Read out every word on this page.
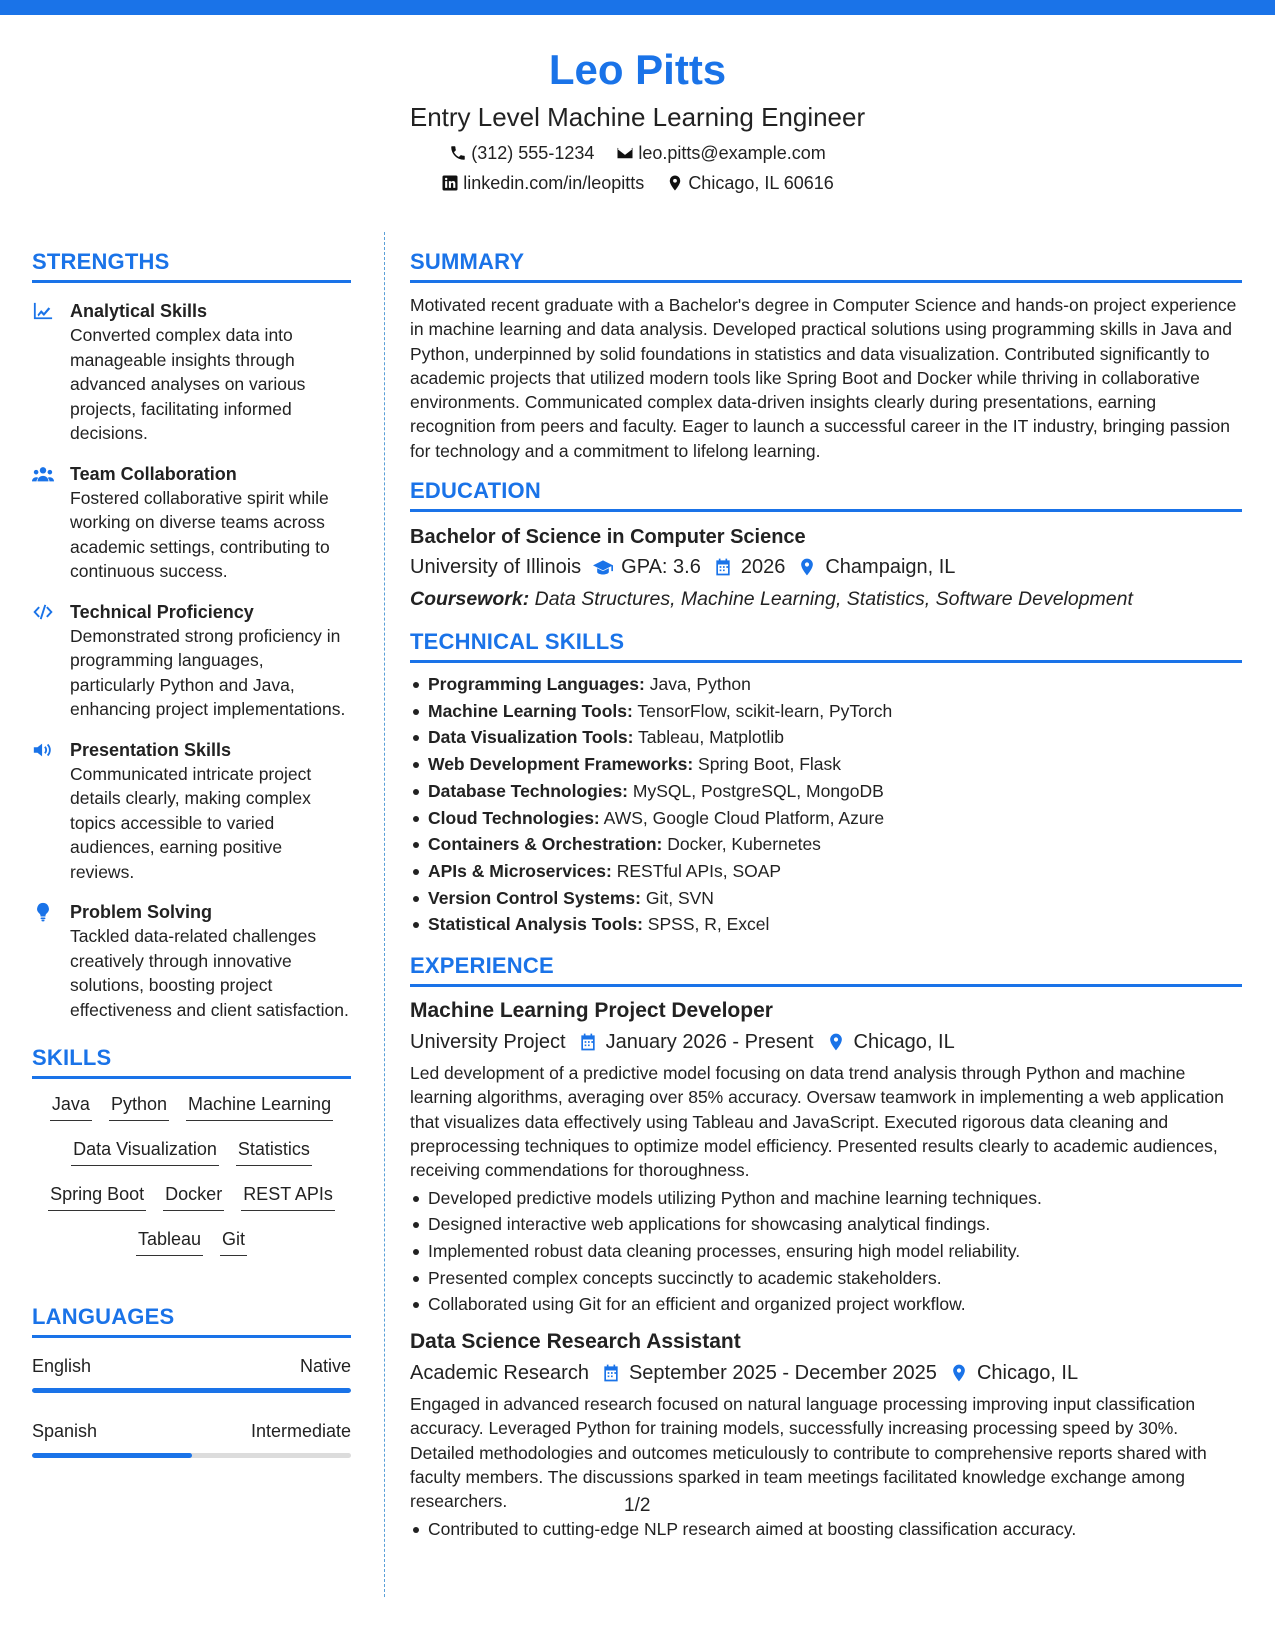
Leo Pitts
Entry Level Machine Learning Engineer
(312) 555-1234 leo.pitts@example.com
linkedin.com/in/leopitts Chicago, IL 60616
STRENGTHS
Analytical Skills
Converted complex data into manageable insights through advanced analyses on various projects, facilitating informed decisions.
Team Collaboration
Fostered collaborative spirit while working on diverse teams across academic settings, contributing to continuous success.
Technical Proficiency
Demonstrated strong proficiency in programming languages, particularly Python and Java, enhancing project implementations.
Presentation Skills
Communicated intricate project details clearly, making complex topics accessible to varied audiences, earning positive reviews.
Problem Solving
Tackled data-related challenges creatively through innovative solutions, boosting project effectiveness and client satisfaction.
SKILLS
Java Python Machine Learning
Data Visualization Statistics
Spring Boot Docker REST APIs
Tableau Git
LANGUAGES
English	Native
Spanish	Intermediate
SUMMARY
Motivated recent graduate with a Bachelor's degree in Computer Science and hands-on project experience in machine learning and data analysis. Developed practical solutions using programming skills in Java and Python, underpinned by solid foundations in statistics and data visualization. Contributed significantly to academic projects that utilized modern tools like Spring Boot and Docker while thriving in collaborative environments. Communicated complex data-driven insights clearly during presentations, earning recognition from peers and faculty. Eager to launch a successful career in the IT industry, bringing passion for technology and a commitment to lifelong learning.
EDUCATION
Bachelor of Science in Computer Science
University of Illinois GPA: 3.6 2026 Champaign, IL
Coursework: Data Structures, Machine Learning, Statistics, Software Development
TECHNICAL SKILLS
Programming Languages: Java, Python
Machine Learning Tools: TensorFlow, scikit-learn, PyTorch
Data Visualization Tools: Tableau, Matplotlib
Web Development Frameworks: Spring Boot, Flask
Database Technologies: MySQL, PostgreSQL, MongoDB
Cloud Technologies: AWS, Google Cloud Platform, Azure
Containers & Orchestration: Docker, Kubernetes
APIs & Microservices: RESTful APIs, SOAP
Version Control Systems: Git, SVN
Statistical Analysis Tools: SPSS, R, Excel
EXPERIENCE
Machine Learning Project Developer
University Project January 2026 - Present Chicago, IL
Led development of a predictive model focusing on data trend analysis through Python and machine learning algorithms, averaging over 85% accuracy. Oversaw teamwork in implementing a web application that visualizes data effectively using Tableau and JavaScript. Executed rigorous data cleaning and preprocessing techniques to optimize model efficiency. Presented results clearly to academic audiences, receiving commendations for thoroughness.
Developed predictive models utilizing Python and machine learning techniques.
Designed interactive web applications for showcasing analytical findings.
Implemented robust data cleaning processes, ensuring high model reliability.
Presented complex concepts succinctly to academic stakeholders.
Collaborated using Git for an efficient and organized project workflow.
Data Science Research Assistant
Academic Research September 2025 - December 2025 Chicago, IL
Engaged in advanced research focused on natural language processing improving input classification accuracy. Leveraged Python for training models, successfully increasing processing speed by 30%. Detailed methodologies and outcomes meticulously to contribute to comprehensive reports shared with faculty members. The discussions sparked in team meetings facilitated knowledge exchange among researchers.
Contributed to cutting-edge NLP research aimed at boosting classification accuracy.
1/2
